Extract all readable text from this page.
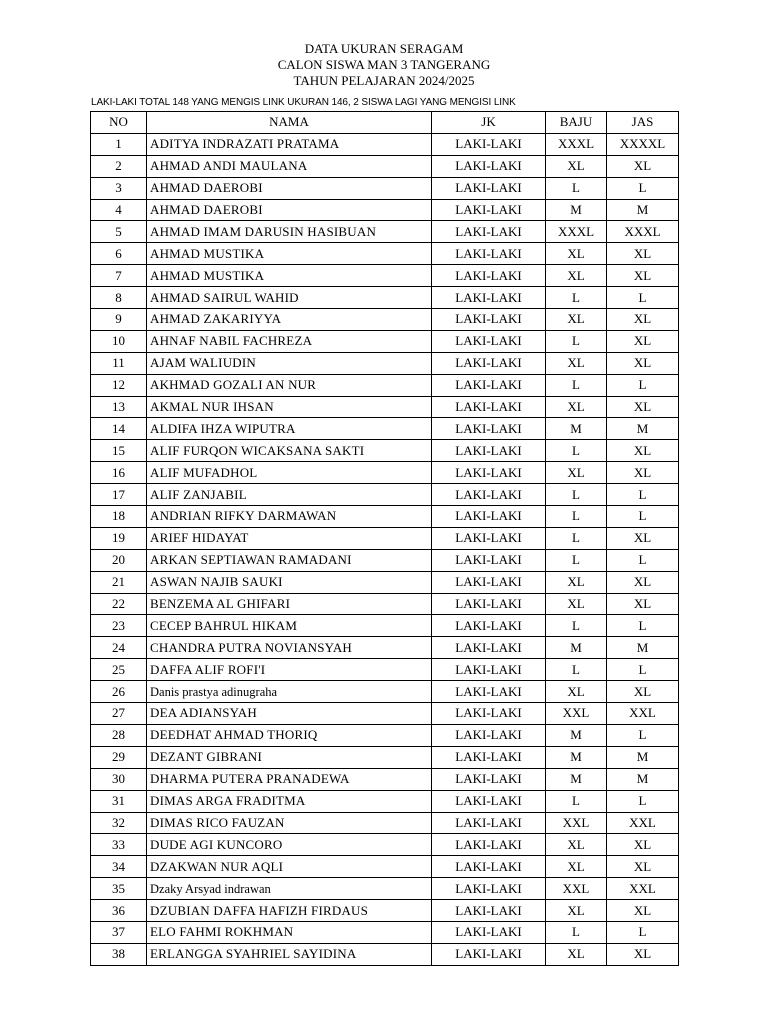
DATA UKURAN SERAGAM
CALON SISWA MAN 3 TANGERANG
TAHUN PELAJARAN 2024/2025
LAKI-LAKI TOTAL 148 YANG MENGIS LINK UKURAN 146, 2 SISWA LAGI YANG MENGISI LINK
NO	NAMA	JK	BAJU	JAS
1	ADITYA INDRAZATI PRATAMA	LAKI-LAKI	XXXL	XXXXL
2	AHMAD ANDI MAULANA	LAKI-LAKI	XL	XL
3	AHMAD DAEROBI	LAKI-LAKI	L	L
4	AHMAD DAEROBI	LAKI-LAKI	M	M
5	AHMAD IMAM DARUSIN HASIBUAN	LAKI-LAKI	XXXL	XXXL
6	AHMAD MUSTIKA	LAKI-LAKI	XL	XL
7	AHMAD MUSTIKA	LAKI-LAKI	XL	XL
8	AHMAD SAIRUL WAHID	LAKI-LAKI	L	L
9	AHMAD ZAKARIYYA	LAKI-LAKI	XL	XL
10	AHNAF NABIL FACHREZA	LAKI-LAKI	L	XL
11	AJAM WALIUDIN	LAKI-LAKI	XL	XL
12	AKHMAD GOZALI AN NUR	LAKI-LAKI	L	L
13	AKMAL NUR IHSAN	LAKI-LAKI	XL	XL
14	ALDIFA IHZA WIPUTRA	LAKI-LAKI	M	M
15	ALIF FURQON WICAKSANA SAKTI	LAKI-LAKI	L	XL
16	ALIF MUFADHOL	LAKI-LAKI	XL	XL
17	ALIF ZANJABIL	LAKI-LAKI	L	L
18	ANDRIAN RIFKY DARMAWAN	LAKI-LAKI	L	L
19	ARIEF HIDAYAT	LAKI-LAKI	L	XL
20	ARKAN SEPTIAWAN RAMADANI	LAKI-LAKI	L	L
21	ASWAN NAJIB SAUKI	LAKI-LAKI	XL	XL
22	BENZEMA AL GHIFARI	LAKI-LAKI	XL	XL
23	CECEP BAHRUL HIKAM	LAKI-LAKI	L	L
24	CHANDRA PUTRA NOVIANSYAH	LAKI-LAKI	M	M
25	DAFFA ALIF ROFI'I	LAKI-LAKI	L	L
26	Danis prastya adinugraha	LAKI-LAKI	XL	XL
27	DEA ADIANSYAH	LAKI-LAKI	XXL	XXL
28	DEEDHAT AHMAD THORIQ	LAKI-LAKI	M	L
29	DEZANT GIBRANI	LAKI-LAKI	M	M
30	DHARMA PUTERA PRANADEWA	LAKI-LAKI	M	M
31	DIMAS ARGA FRADITMA	LAKI-LAKI	L	L
32	DIMAS RICO FAUZAN	LAKI-LAKI	XXL	XXL
33	DUDE AGI KUNCORO	LAKI-LAKI	XL	XL
34	DZAKWAN NUR AQLI	LAKI-LAKI	XL	XL
35	Dzaky Arsyad indrawan	LAKI-LAKI	XXL	XXL
36	DZUBIAN DAFFA HAFIZH FIRDAUS	LAKI-LAKI	XL	XL
37	ELO FAHMI ROKHMAN	LAKI-LAKI	L	L
38	ERLANGGA SYAHRIEL SAYIDINA	LAKI-LAKI	XL	XL
